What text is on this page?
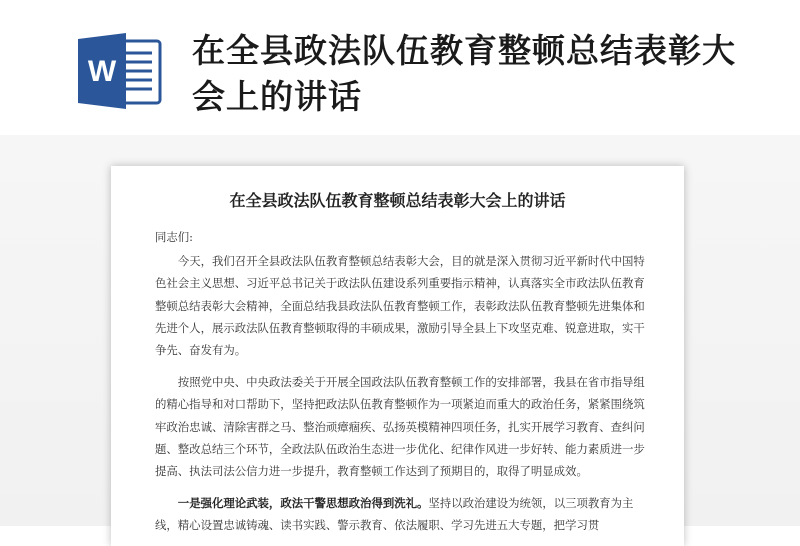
W
在全县政法队伍教育整顿总结表彰大会上的讲话
在全县政法队伍教育整顿总结表彰大会上的讲话

同志们:

今天，我们召开全县政法队伍教育整顿总结表彰大会，目的就是深入贯彻习近平新时代中国特色社会主义思想、习近平总书记关于政法队伍建设系列重要指示精神，认真落实全市政法队伍教育整顿总结表彰大会精神，全面总结我县政法队伍教育整顿工作，表彰政法队伍教育整顿先进集体和先进个人，展示政法队伍教育整顿取得的丰硕成果，激励引导全县上下攻坚克难、锐意进取，实干争先、奋发有为。

按照党中央、中央政法委关于开展全国政法队伍教育整顿工作的安排部署，我县在省市指导组的精心指导和对口帮助下，坚持把政法队伍教育整顿作为一项紧迫而重大的政治任务，紧紧围绕筑牢政治忠诚、清除害群之马、整治顽瘴痼疾、弘扬英模精神四项任务，扎实开展学习教育、查纠问题、整改总结三个环节，全政法队伍政治生态进一步优化、纪律作风进一步好转、能力素质进一步提高、执法司法公信力进一步提升，教育整顿工作达到了预期目的，取得了明显成效。

一是强化理论武装，政法干警思想政治得到洗礼。坚持以政治建设为统领，以三项教育为主线，精心设置忠诚铸魂、读书实践、警示教育、依法履职、学习先进五大专题，把学习贯
